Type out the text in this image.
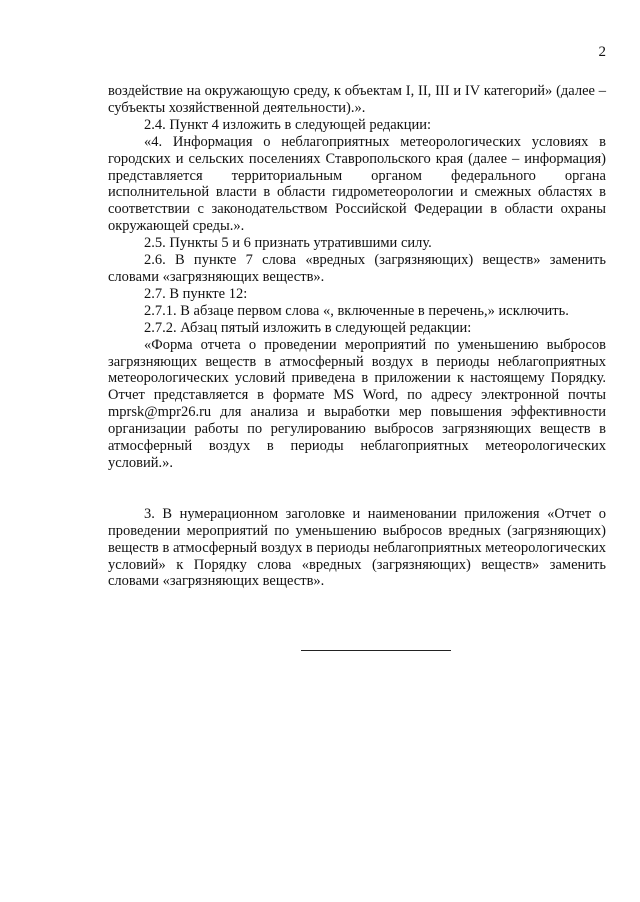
2

воздействие на окружающую среду, к объектам I, II, III и IV категорий» (далее – субъекты хозяйственной деятельности).».

2.4. Пункт 4 изложить в следующей редакции:

«4. Информация о неблагоприятных метеорологических условиях в городских и сельских поселениях Ставропольского края (далее – информация) представляется территориальным органом федерального органа исполнительной власти в области гидрометеорологии и смежных областях в соответствии с законодательством Российской Федерации в области охраны окружающей среды.».

2.5. Пункты 5 и 6 признать утратившими силу.

2.6. В пункте 7 слова «вредных (загрязняющих) веществ» заменить словами «загрязняющих веществ».

2.7. В пункте 12:

2.7.1. В абзаце первом слова «, включенные в перечень,» исключить.

2.7.2. Абзац пятый изложить в следующей редакции:

«Форма отчета о проведении мероприятий по уменьшению выбросов загрязняющих веществ в атмосферный воздух в периоды неблагоприятных метеорологических условий приведена в приложении к настоящему Порядку. Отчет представляется в формате MS Word, по адресу электронной почты mprsk@mpr26.ru для анализа и выработки мер повышения эффективности организации работы по регулированию выбросов загрязняющих веществ в атмосферный воздух в периоды неблагоприятных метеорологических условий.».

3. В нумерационном заголовке и наименовании приложения «Отчет о проведении мероприятий по уменьшению выбросов вредных (загрязняющих) веществ в атмосферный воздух в периоды неблагоприятных метеорологических условий» к Порядку слова «вредных (загрязняющих) веществ» заменить словами «загрязняющих веществ».
